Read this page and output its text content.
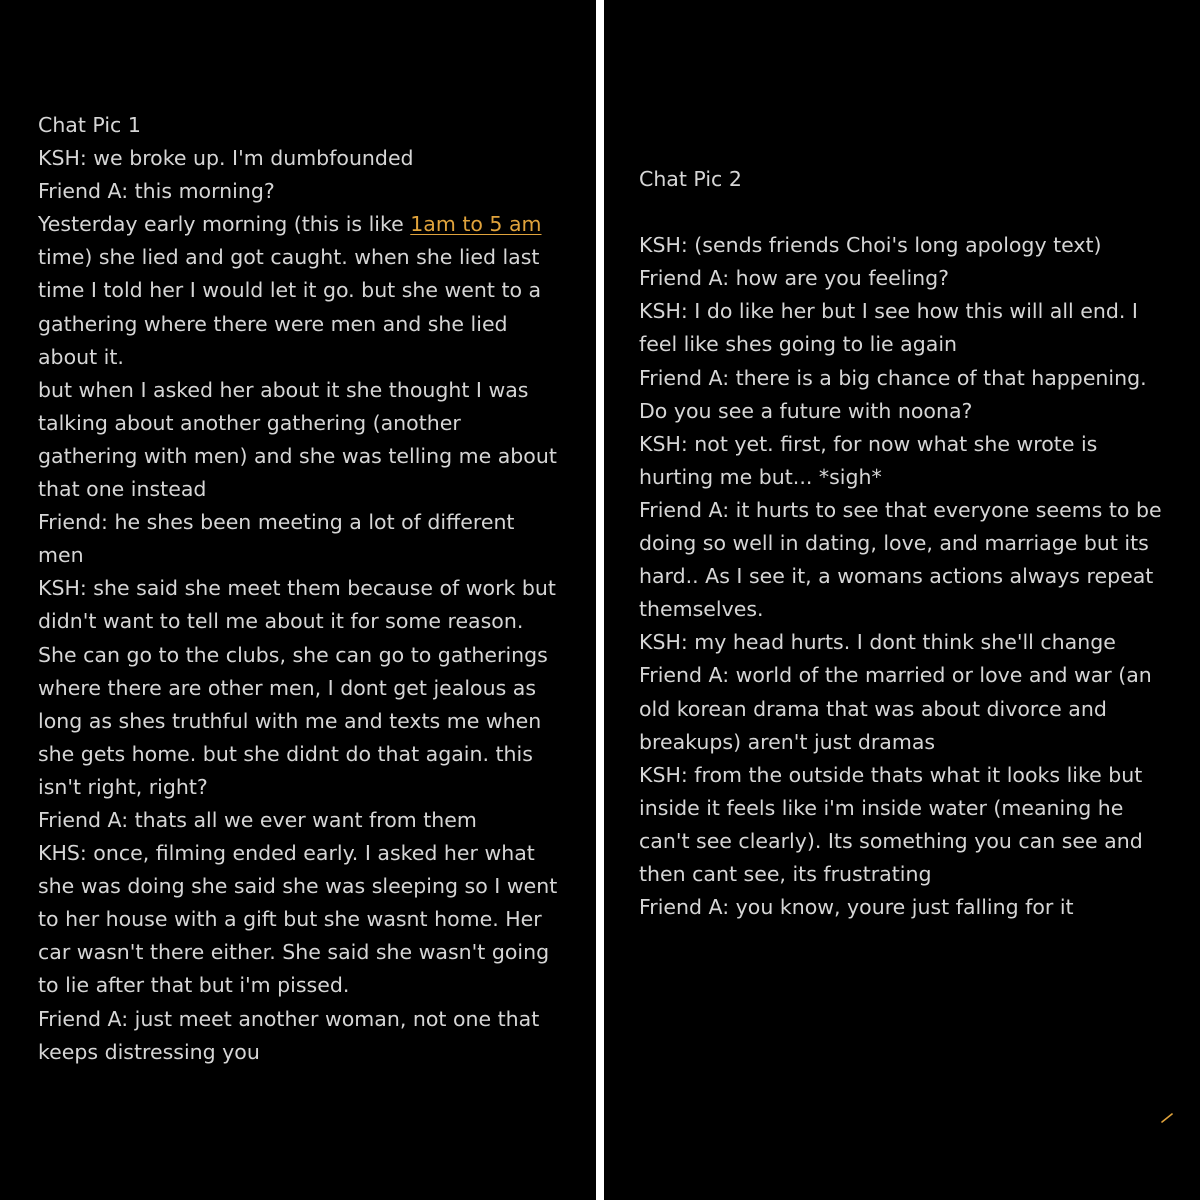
Chat Pic 1

KSH: we broke up. I'm dumbfounded

Friend A: this morning?

Yesterday early morning (this is like 1am to 5 am time) she lied and got caught. when she lied last time I told her I would let it go. but she went to a gathering where there were men and she lied about it.

but when I asked her about it she thought I was talking about another gathering (another gathering with men) and she was telling me about that one instead

Friend: he shes been meeting a lot of different men

KSH: she said she meet them because of work but didn't want to tell me about it for some reason.

She can go to the clubs, she can go to gatherings where there are other men, I dont get jealous as long as shes truthful with me and texts me when she gets home. but she didnt do that again. this isn't right, right?

Friend A: thats all we ever want from them

KHS: once, filming ended early. I asked her what she was doing she said she was sleeping so I went to her house with a gift but she wasnt home. Her car wasn't there either. She said she wasn't going to lie after that but i'm pissed.

Friend A: just meet another woman, not one that keeps distressing you

Chat Pic 2

KSH: (sends friends Choi's long apology text)

Friend A: how are you feeling?

KSH: I do like her but I see how this will all end. I feel like shes going to lie again

Friend A: there is a big chance of that happening. Do you see a future with noona?

KSH: not yet. first, for now what she wrote is hurting me but... *sigh*

Friend A: it hurts to see that everyone seems to be doing so well in dating, love, and marriage but its hard.. As I see it, a womans actions always repeat themselves.

KSH: my head hurts. I dont think she'll change

Friend A: world of the married or love and war (an old korean drama that was about divorce and breakups) aren't just dramas

KSH: from the outside thats what it looks like but inside it feels like i'm inside water (meaning he can't see clearly). Its something you can see and then cant see, its frustrating

Friend A: you know, youre just falling for it
